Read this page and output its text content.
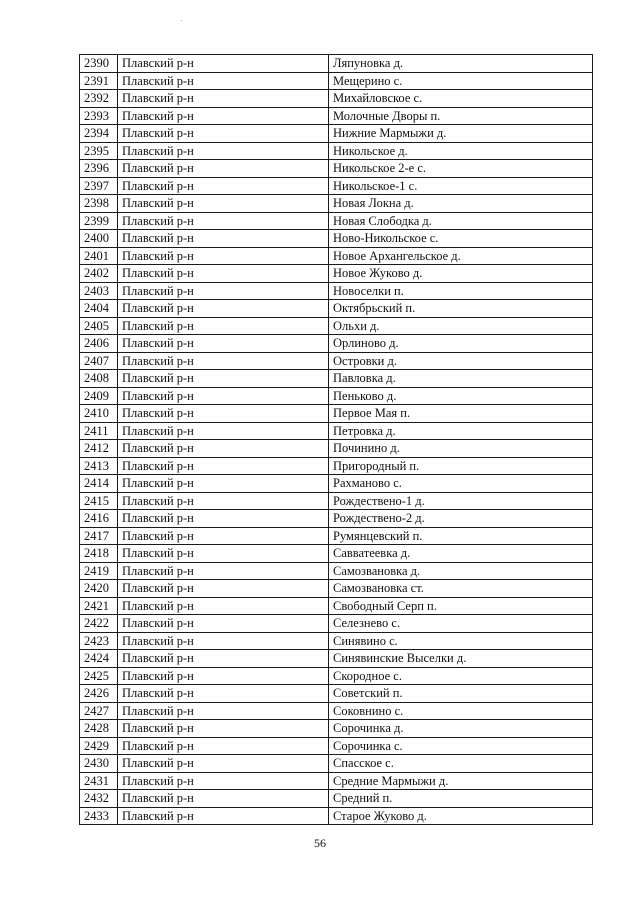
2390	Плавский р-н	Ляпуновка д.
2391	Плавский р-н	Мещерино с.
2392	Плавский р-н	Михайловское с.
2393	Плавский р-н	Молочные Дворы п.
2394	Плавский р-н	Нижние Мармыжи д.
2395	Плавский р-н	Никольское д.
2396	Плавский р-н	Никольское 2-е с.
2397	Плавский р-н	Никольское-1 с.
2398	Плавский р-н	Новая Локна д.
2399	Плавский р-н	Новая Слободка д.
2400	Плавский р-н	Ново-Никольское с.
2401	Плавский р-н	Новое Архангельское д.
2402	Плавский р-н	Новое Жуково д.
2403	Плавский р-н	Новоселки п.
2404	Плавский р-н	Октябрьский п.
2405	Плавский р-н	Ольхи д.
2406	Плавский р-н	Орлиново д.
2407	Плавский р-н	Островки д.
2408	Плавский р-н	Павловка д.
2409	Плавский р-н	Пеньково д.
2410	Плавский р-н	Первое Мая п.
2411	Плавский р-н	Петровка д.
2412	Плавский р-н	Починино д.
2413	Плавский р-н	Пригородный п.
2414	Плавский р-н	Рахманово с.
2415	Плавский р-н	Рождествено-1 д.
2416	Плавский р-н	Рождествено-2 д.
2417	Плавский р-н	Румянцевский п.
2418	Плавский р-н	Савватеевка д.
2419	Плавский р-н	Самозвановка д.
2420	Плавский р-н	Самозвановка ст.
2421	Плавский р-н	Свободный Серп п.
2422	Плавский р-н	Селезнево с.
2423	Плавский р-н	Синявино с.
2424	Плавский р-н	Синявинские Выселки д.
2425	Плавский р-н	Скородное с.
2426	Плавский р-н	Советский п.
2427	Плавский р-н	Соковнино с.
2428	Плавский р-н	Сорочинка д.
2429	Плавский р-н	Сорочинка с.
2430	Плавский р-н	Спасское с.
2431	Плавский р-н	Средние Мармыжи д.
2432	Плавский р-н	Средний п.
2433	Плавский р-н	Старое Жуково д.
56
